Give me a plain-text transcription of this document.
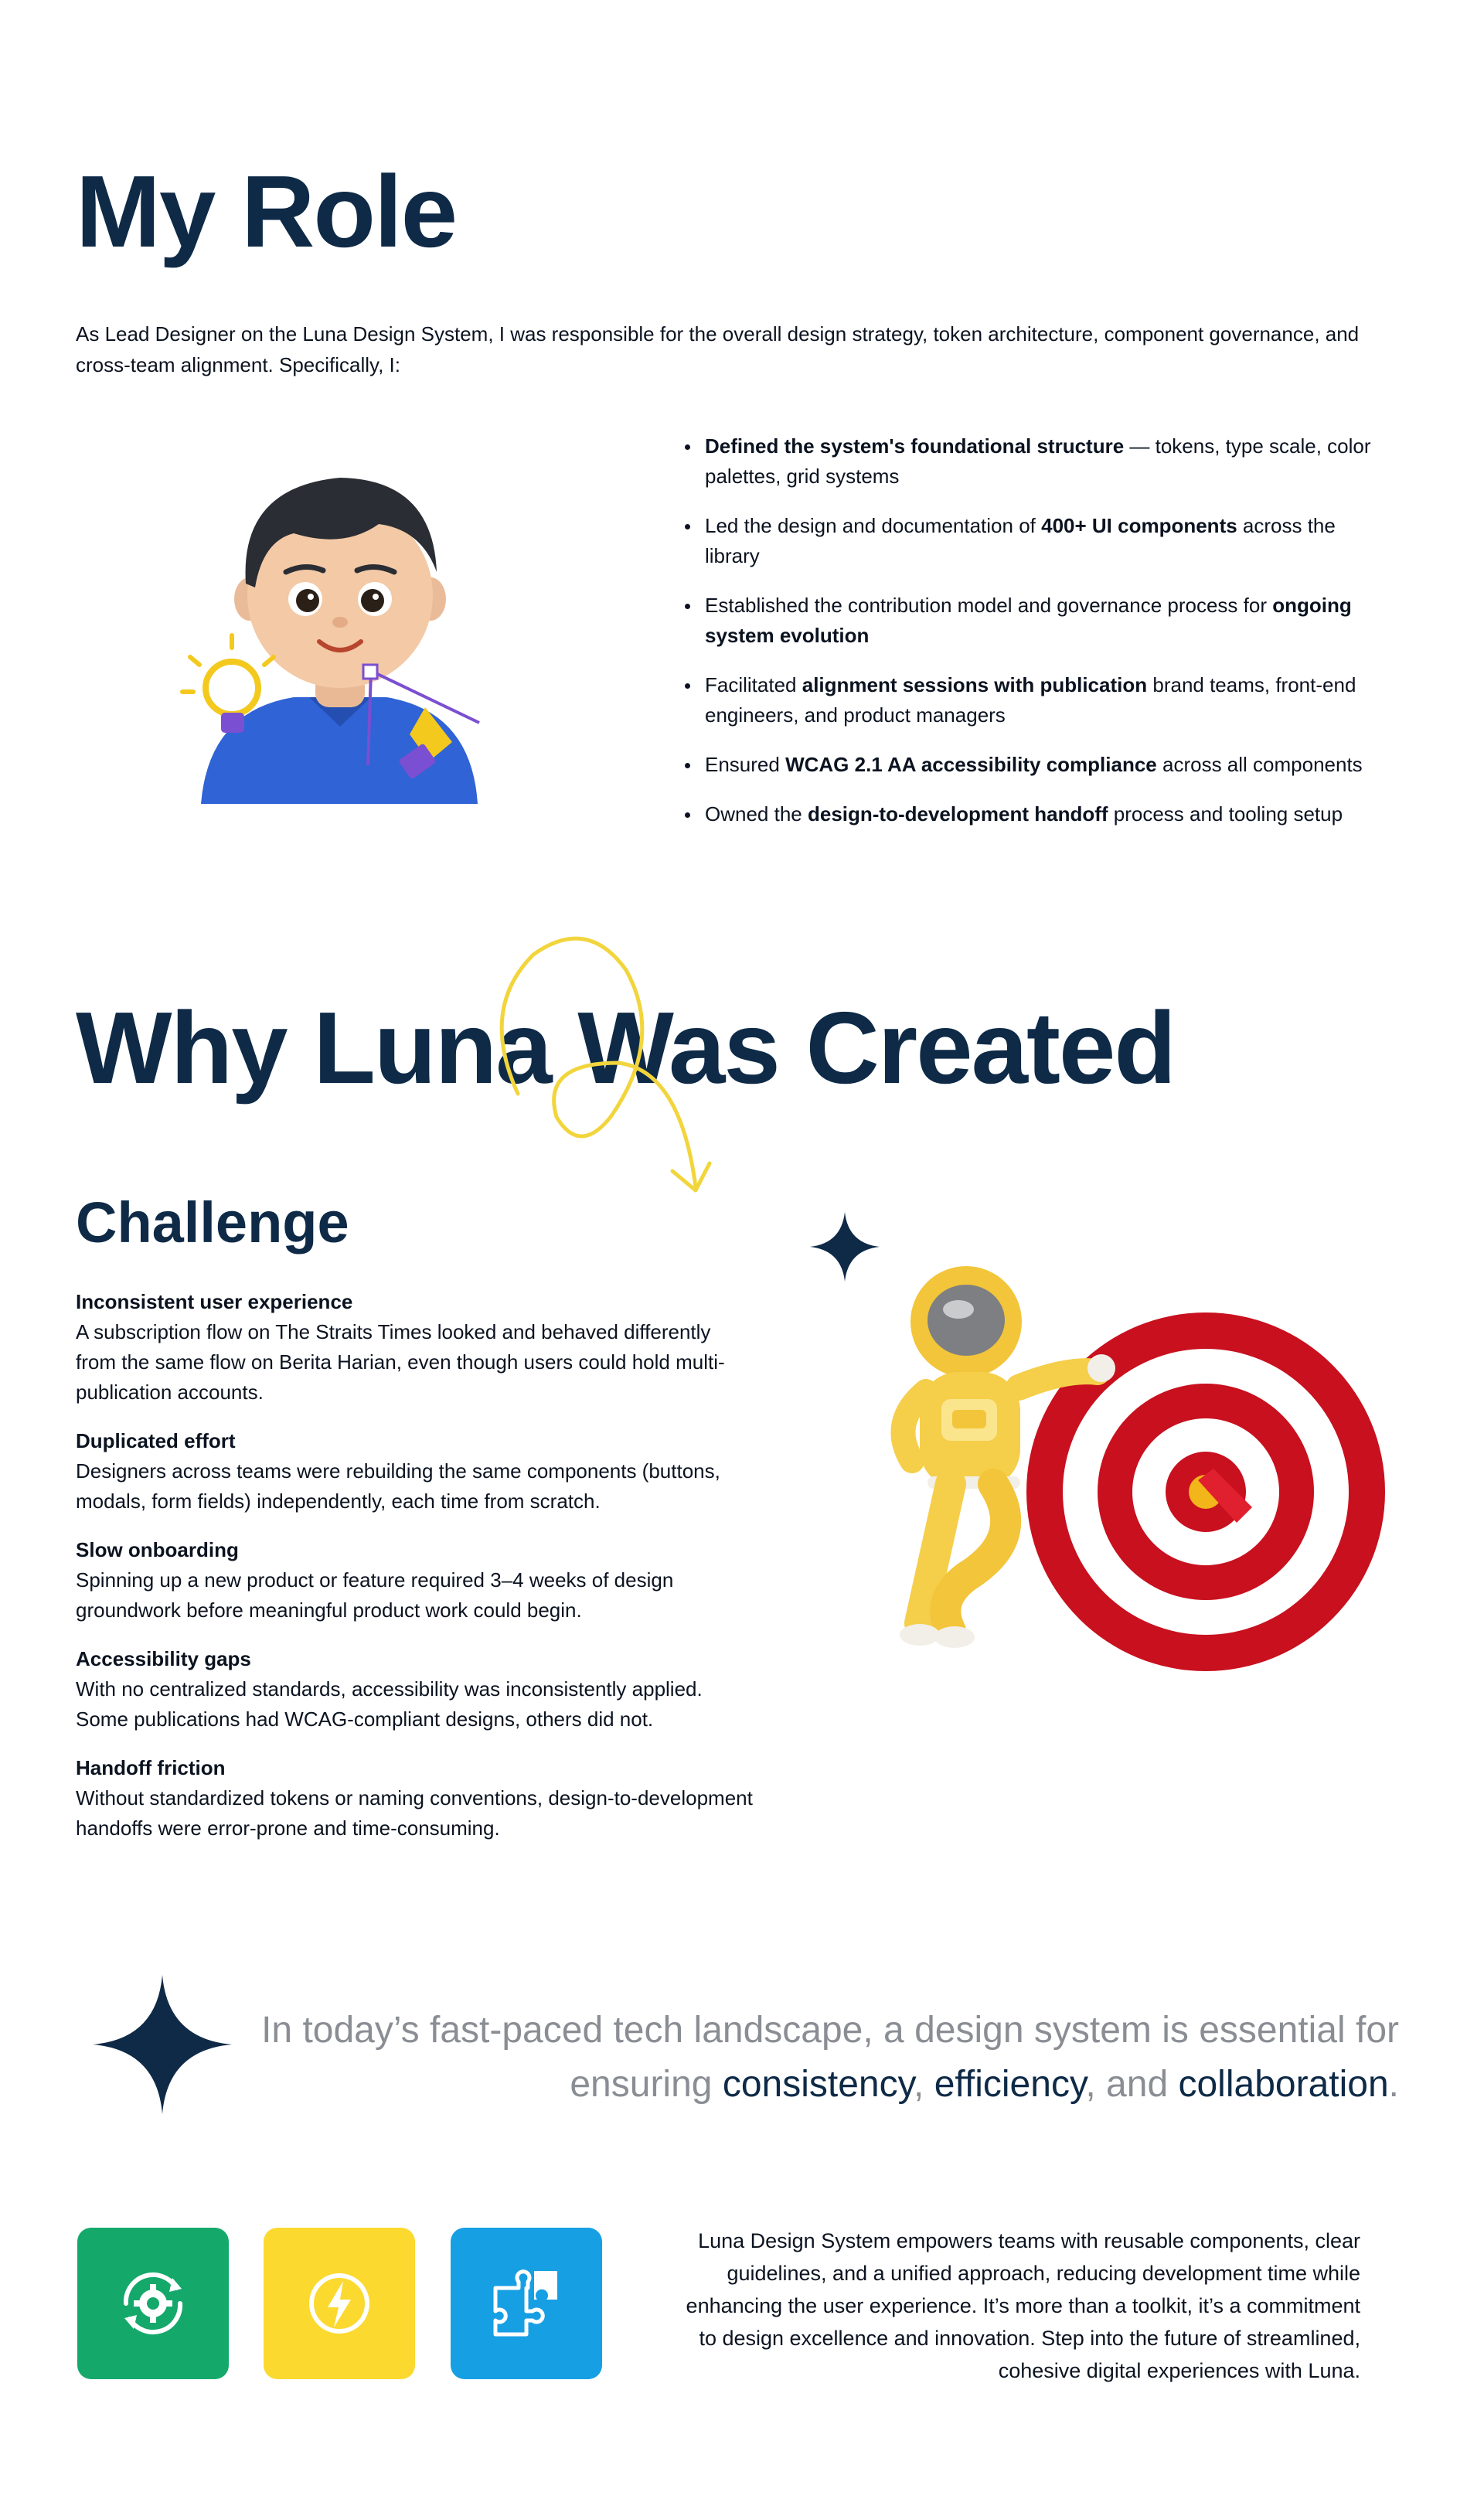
My Role

As Lead Designer on the Luna Design System, I was responsible for the overall design strategy, token architecture, component governance, and cross-team alignment. Specifically, I:

Defined the system's foundational structure — tokens, type scale, color palettes, grid systems
Led the design and documentation of 400+ UI components across the library
Established the contribution model and governance process for ongoing system evolution
Facilitated alignment sessions with publication brand teams, front-end engineers, and product managers
Ensured WCAG 2.1 AA accessibility compliance across all components
Owned the design-to-development handoff process and tooling setup
Why Luna Was Created
Challenge

Inconsistent user experience

A subscription flow on The Straits Times looked and behaved differently from the same flow on Berita Harian, even though users could hold multi-publication accounts.

Duplicated effort

Designers across teams were rebuilding the same components (buttons, modals, form fields) independently, each time from scratch.

Slow onboarding

Spinning up a new product or feature required 3–4 weeks of design groundwork before meaningful product work could begin.

Accessibility gaps

With no centralized standards, accessibility was inconsistently applied. Some publications had WCAG-compliant designs, others did not.

Handoff friction

Without standardized tokens or naming conventions, design-to-development handoffs were error-prone and time-consuming.

In today’s fast-paced tech landscape, a design system is essential for ensuring consistency, efficiency, and collaboration.

Luna Design System empowers teams with reusable components, clear guidelines, and a unified approach, reducing development time while enhancing the user experience. It’s more than a toolkit, it’s a commitment to design excellence and innovation. Step into the future of streamlined, cohesive digital experiences with Luna.
